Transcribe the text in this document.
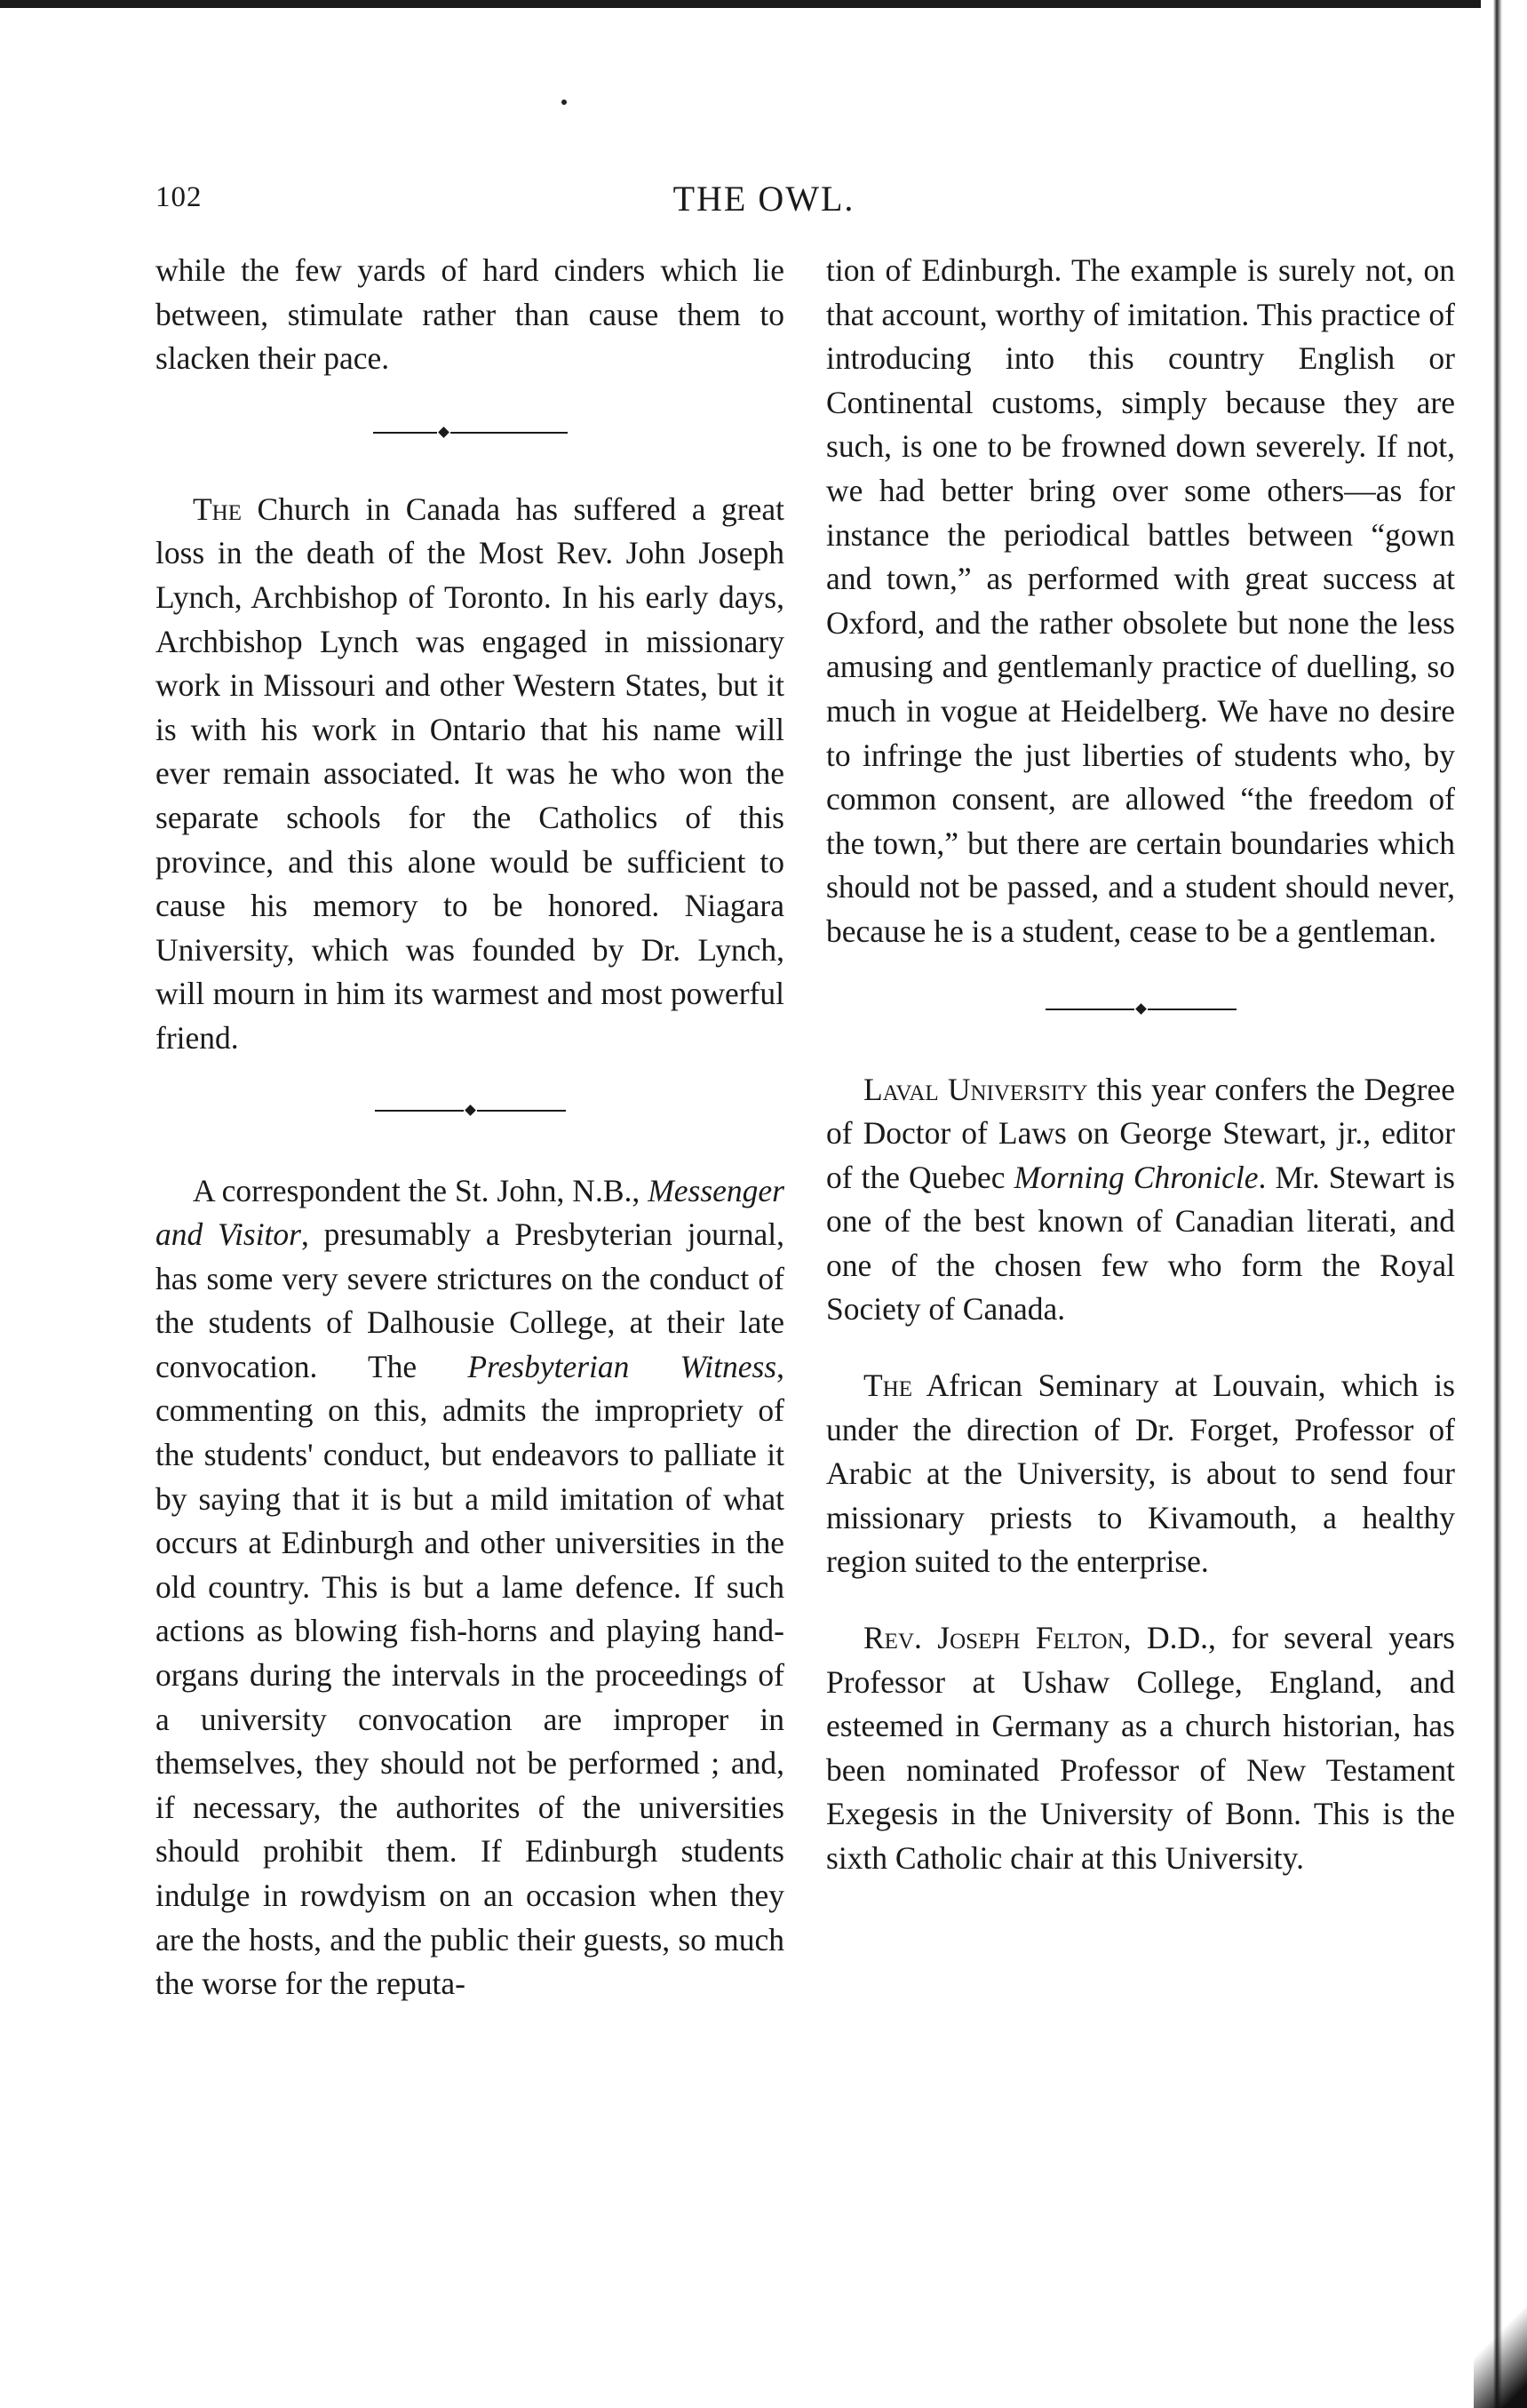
102	THE OWL.

while the few yards of hard cinders which lie between, stimulate rather than cause them to slacken their pace.

The Church in Canada has suffered a great loss in the death of the Most Rev. John Joseph Lynch, Archbishop of Toronto. In his early days, Archbishop Lynch was engaged in missionary work in Missouri and other Western States, but it is with his work in Ontario that his name will ever remain associated. It was he who won the separate schools for the Catholics of this province, and this alone would be sufficient to cause his memory to be honored. Niagara University, which was founded by Dr. Lynch, will mourn in him its warmest and most powerful friend.

A correspondent the St. John, N.B., Messenger and Visitor, presumably a Presbyterian journal, has some very severe strictures on the conduct of the students of Dalhousie College, at their late convocation. The Presbyterian Witness, commenting on this, admits the impropriety of the students' conduct, but endeavors to palliate it by saying that it is but a mild imitation of what occurs at Edinburgh and other universities in the old country. This is but a lame defence. If such actions as blowing fish-horns and playing hand-organs during the intervals in the proceedings of a university convocation are improper in themselves, they should not be performed ; and, if necessary, the authorites of the universities should prohibit them. If Edinburgh students indulge in rowdyism on an occasion when they are the hosts, and the public their guests, so much the worse for the reputa-

tion of Edinburgh. The example is surely not, on that account, worthy of imitation. This practice of introducing into this country English or Continental customs, simply because they are such, is one to be frowned down severely. If not, we had better bring over some others—as for instance the periodical battles between “gown and town,” as performed with great success at Oxford, and the rather obsolete but none the less amusing and gentlemanly practice of duelling, so much in vogue at Heidelberg. We have no desire to infringe the just liberties of students who, by common consent, are allowed “the freedom of the town,” but there are certain boundaries which should not be passed, and a student should never, because he is a student, cease to be a gentleman.

Laval University this year confers the Degree of Doctor of Laws on George Stewart, jr., editor of the Quebec Morning Chronicle. Mr. Stewart is one of the best known of Canadian literati, and one of the chosen few who form the Royal Society of Canada.

The African Seminary at Louvain, which is under the direction of Dr. Forget, Professor of Arabic at the University, is about to send four missionary priests to Kivamouth, a healthy region suited to the enterprise.

Rev. Joseph Felton, D.D., for several years Professor at Ushaw College, England, and esteemed in Germany as a church historian, has been nominated Professor of New Testament Exegesis in the University of Bonn. This is the sixth Catholic chair at this University.
